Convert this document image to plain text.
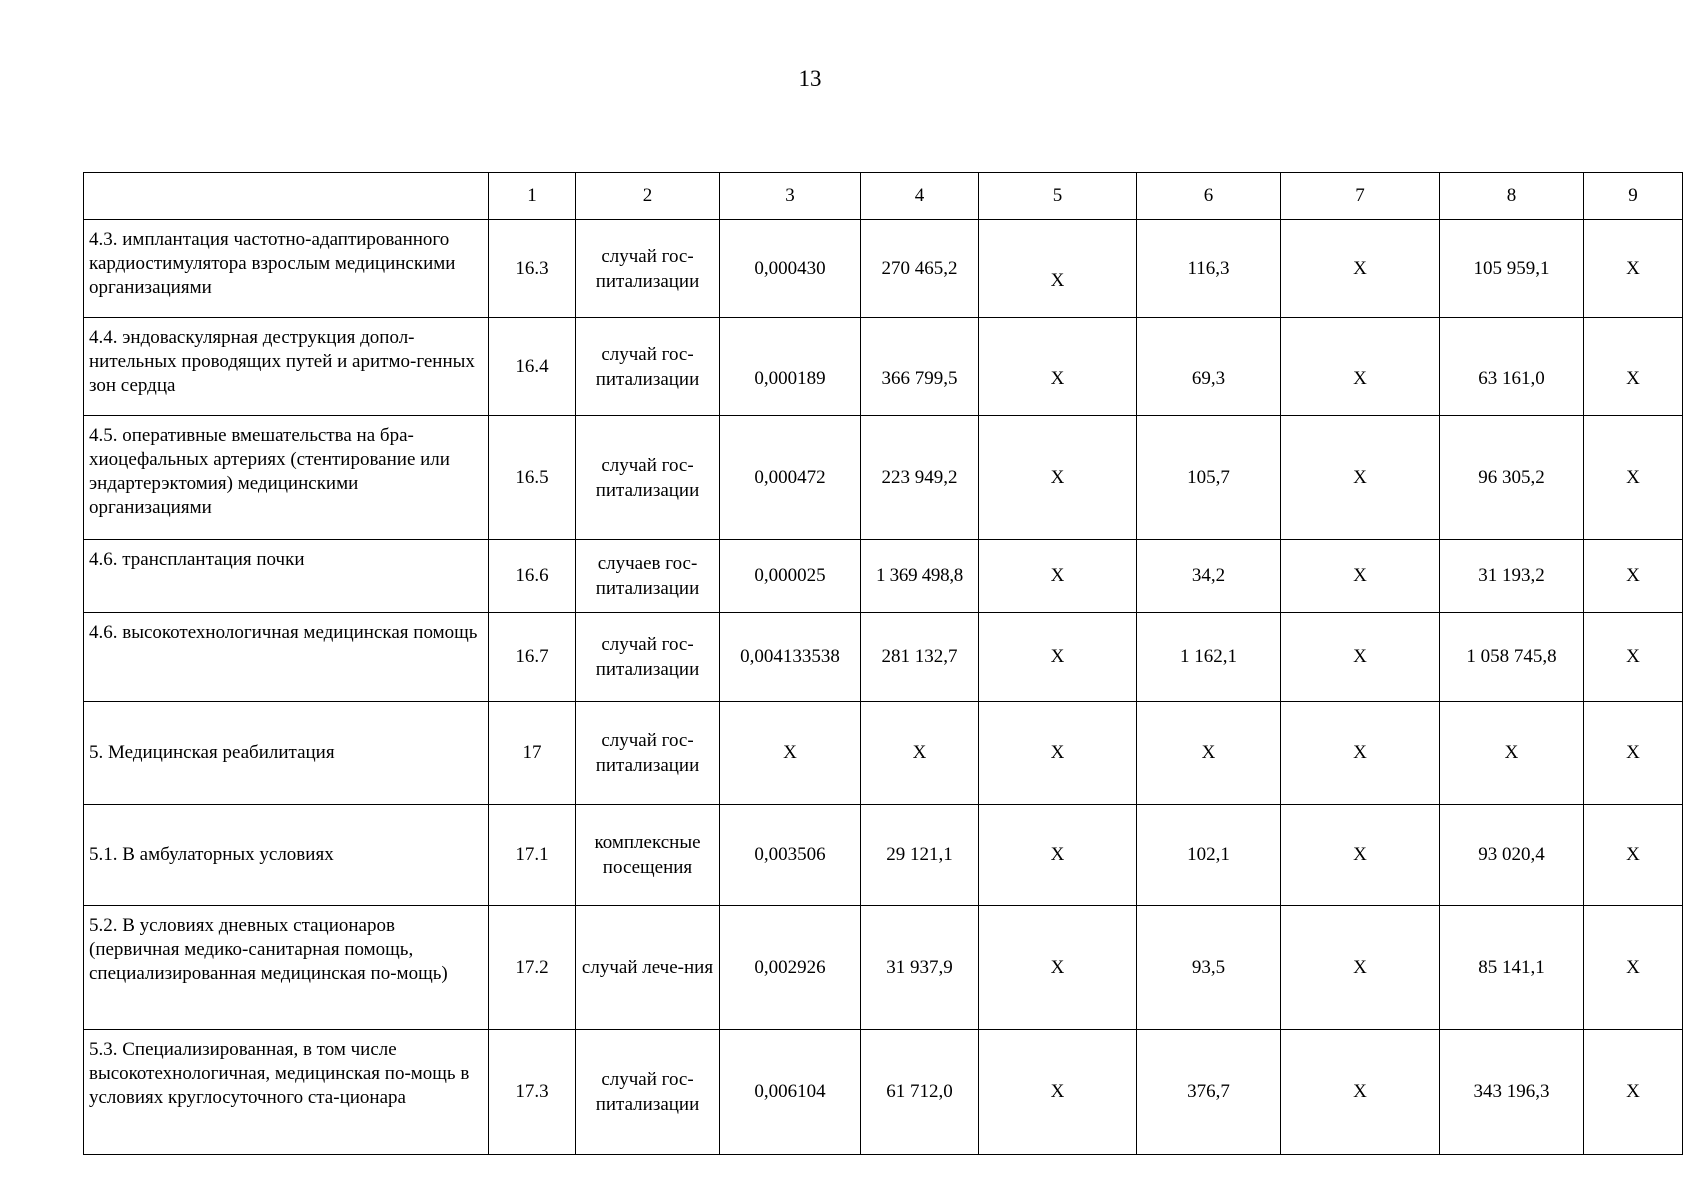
13
	1	2	3	4	5	6	7	8	9
4.3. имплантация частотно-адаптированного кардиостимулятора взрослым медицинскими организациями	16.3	случай гос-питализации	0,000430	270 465,2	X	116,3	X	105 959,1	X
4.4. эндоваскулярная деструкция допол-нительных проводящих путей и аритмо-генных зон сердца	16.4	случай гос-питализации	0,000189	366 799,5	X	69,3	X	63 161,0	X
4.5. оперативные вмешательства на бра-хиоцефальных артериях (стентирование или эндартерэктомия) медицинскими организациями	16.5	случай гос-питализации	0,000472	223 949,2	X	105,7	X	96 305,2	X
4.6. трансплантация почки	16.6	случаев гос-питализации	0,000025	1 369 498,8	X	34,2	X	31 193,2	X
4.6. высокотехнологичная медицинская помощь	16.7	случай гос-питализации	0,004133538	281 132,7	X	1 162,1	X	1 058 745,8	X
5. Медицинская реабилитация	17	случай гос-питализации	X	X	X	X	X	X	X
5.1. В амбулаторных условиях	17.1	комплексные посещения	0,003506	29 121,1	X	102,1	X	93 020,4	X
5.2. В условиях дневных стационаров (первичная медико-санитарная помощь, специализированная медицинская по-мощь)	17.2	случай лече-ния	0,002926	31 937,9	X	93,5	X	85 141,1	X
5.3. Специализированная, в том числе высокотехнологичная, медицинская по-мощь в условиях круглосуточного ста-ционара	17.3	случай гос-питализации	0,006104	61 712,0	X	376,7	X	343 196,3	X
